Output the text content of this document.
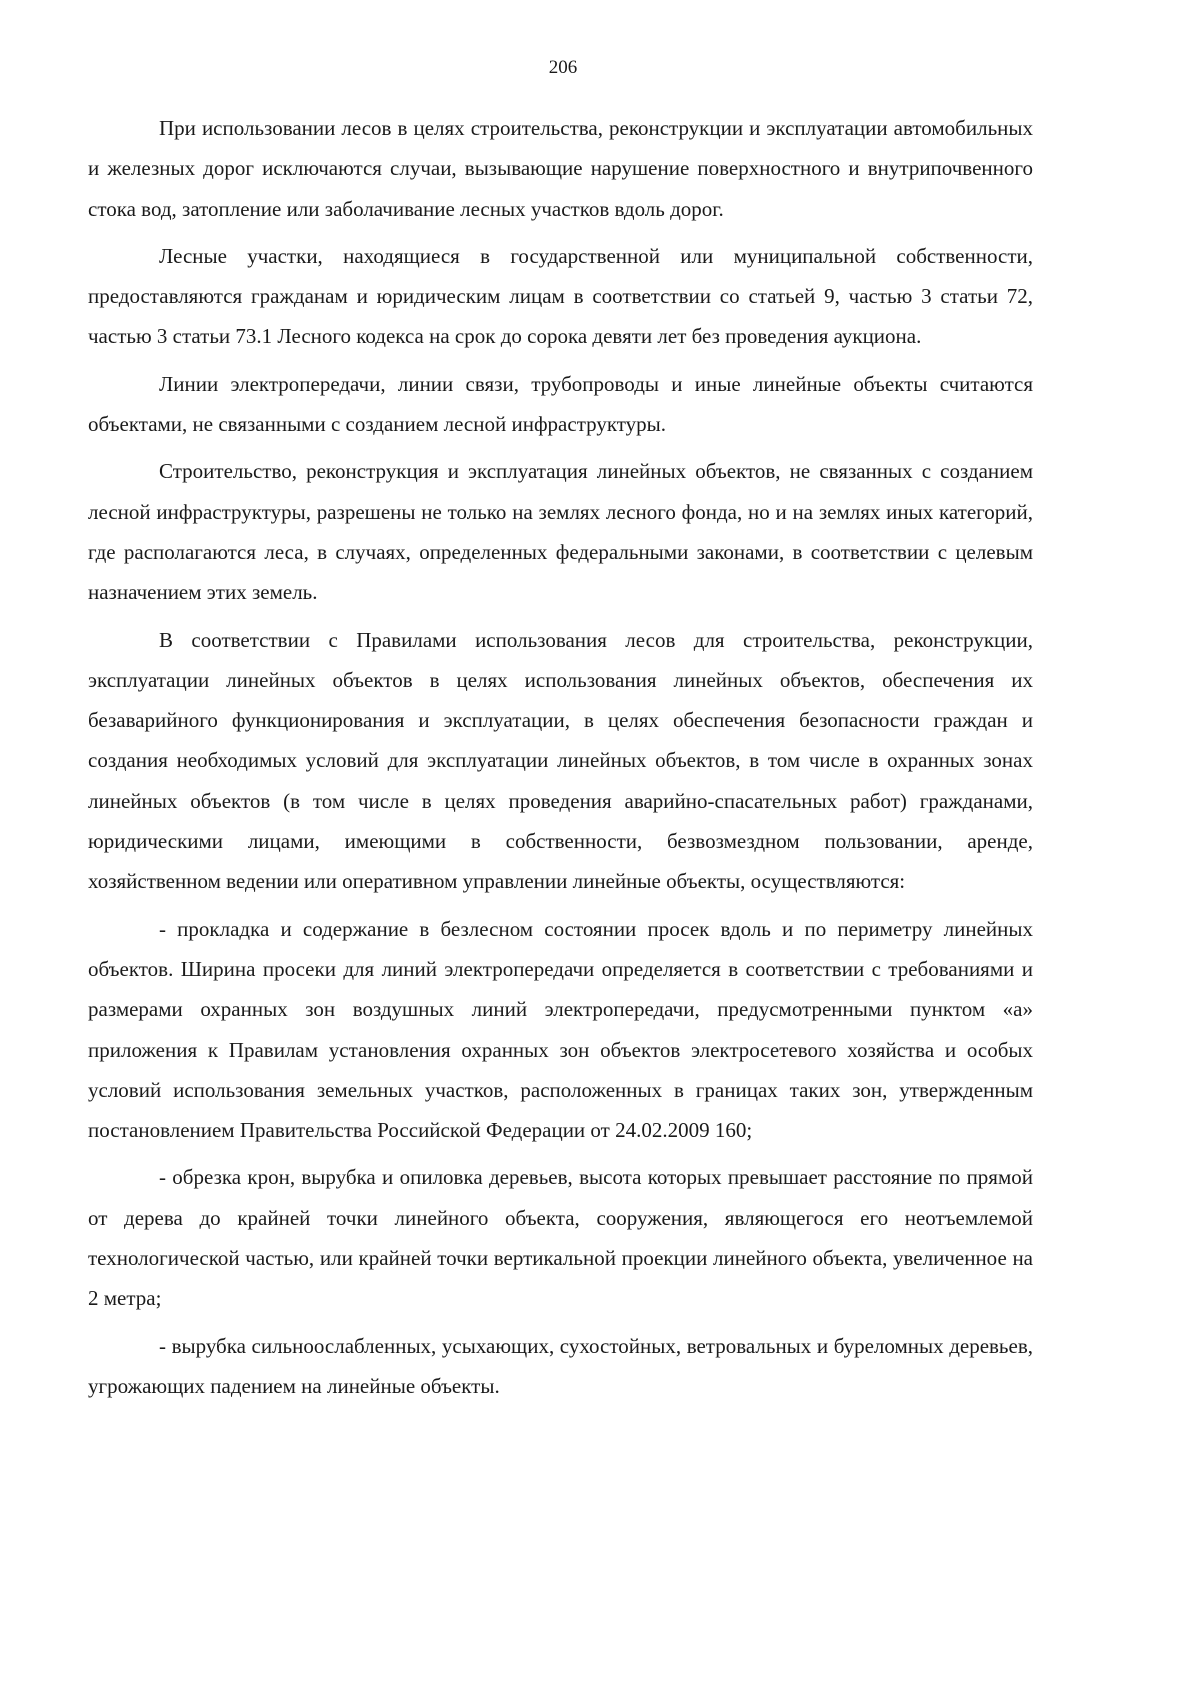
206

При использовании лесов в целях строительства, реконструкции и эксплуатации автомобильных и железных дорог исключаются случаи, вызывающие нарушение поверхностного и внутрипочвенного стока вод, затопление или заболачивание лесных участков вдоль дорог.

Лесные участки, находящиеся в государственной или муниципальной собственности, предоставляются гражданам и юридическим лицам в соответствии со статьей 9, частью 3 статьи 72, частью 3 статьи 73.1 Лесного кодекса на срок до сорока девяти лет без проведения аукциона.

Линии электропередачи, линии связи, трубопроводы и иные линейные объекты считаются объектами, не связанными с созданием лесной инфраструктуры.

Строительство, реконструкция и эксплуатация линейных объектов, не связанных с созданием лесной инфраструктуры, разрешены не только на землях лесного фонда, но и на землях иных категорий, где располагаются леса, в случаях, определенных федеральными законами, в соответствии с целевым назначением этих земель.

В соответствии с Правилами использования лесов для строительства, реконструкции, эксплуатации линейных объектов в целях использования линейных объектов, обеспечения их безаварийного функционирования и эксплуатации, в целях обеспечения безопасности граждан и создания необходимых условий для эксплуатации линейных объектов, в том числе в охранных зонах линейных объектов (в том числе в целях проведения аварийно-спасательных работ) гражданами, юридическими лицами, имеющими в собственности, безвозмездном пользовании, аренде, хозяйственном ведении или оперативном управлении линейные объекты, осуществляются:

- прокладка и содержание в безлесном состоянии просек вдоль и по периметру линейных объектов. Ширина просеки для линий электропередачи определяется в соответствии с требованиями и размерами охранных зон воздушных линий электропередачи, предусмотренными пунктом «а» приложения к Правилам установления охранных зон объектов электросетевого хозяйства и особых условий использования земельных участков, расположенных в границах таких зон, утвержденным постановлением Правительства Российской Федерации от 24.02.2009 160;

- обрезка крон, вырубка и опиловка деревьев, высота которых превышает расстояние по прямой от дерева до крайней точки линейного объекта, сооружения, являющегося его неотъемлемой технологической частью, или крайней точки вертикальной проекции линейного объекта, увеличенное на 2 метра;

- вырубка сильноослабленных, усыхающих, сухостойных, ветровальных и буреломных деревьев, угрожающих падением на линейные объекты.
